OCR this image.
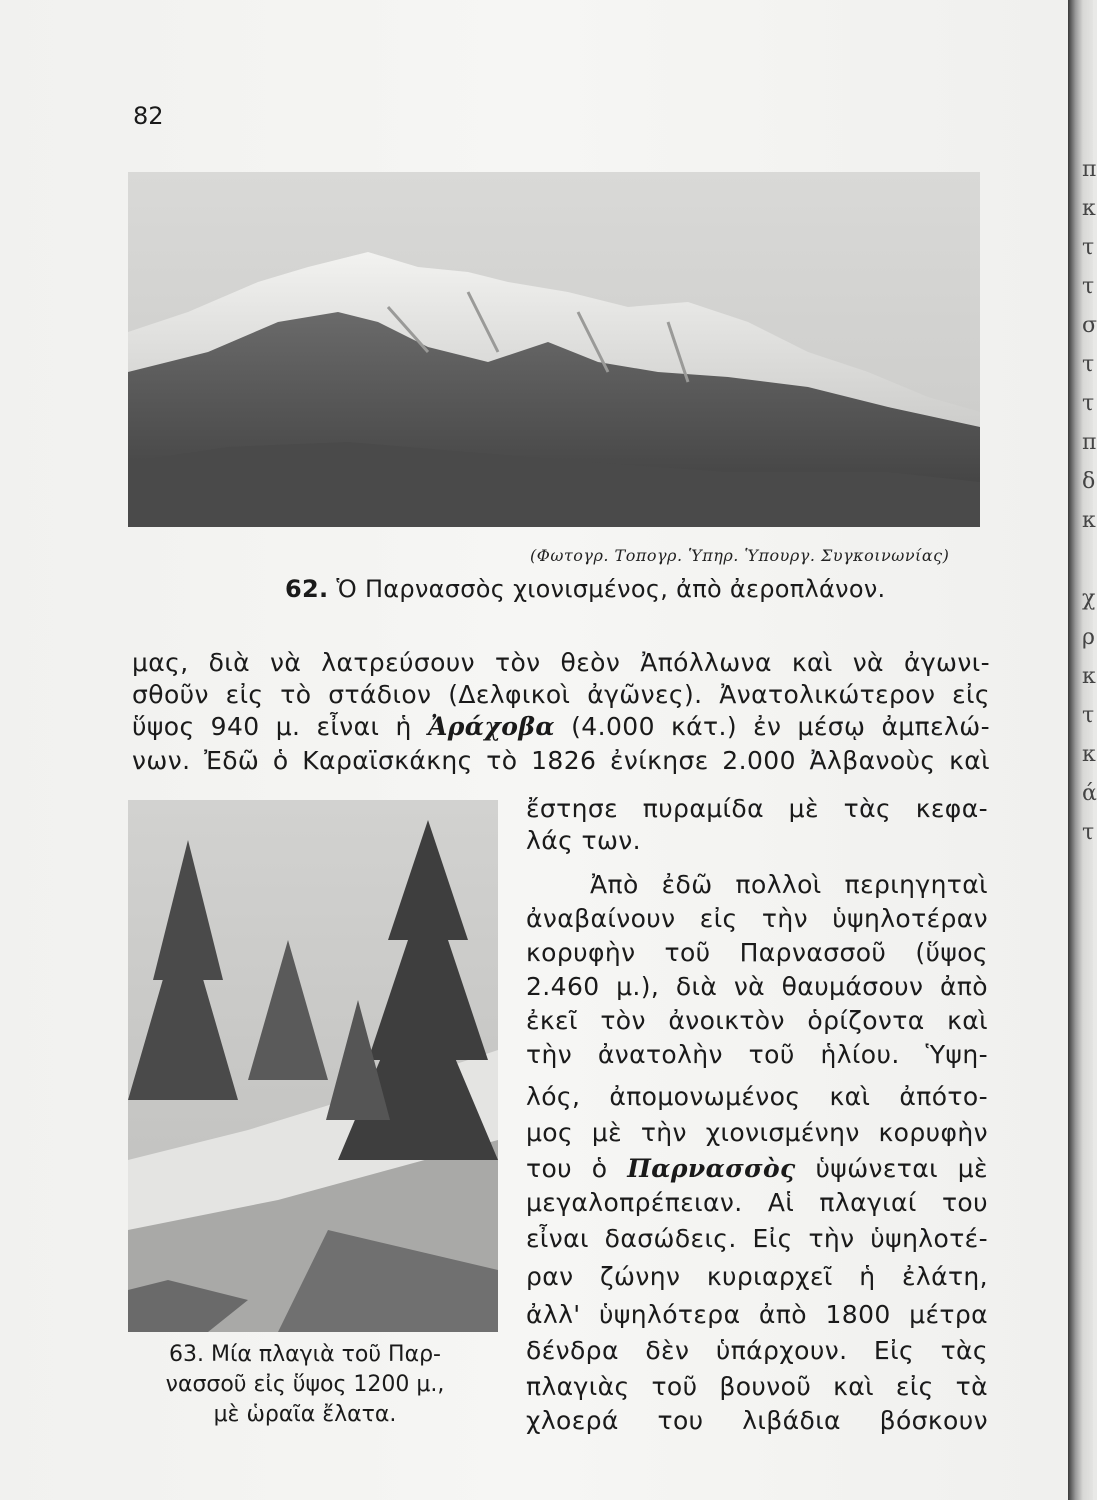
82
(Φωτογρ. Τοπογρ. Ὑπηρ. Ὑπουργ. Συγκοινωνίας)
62. Ὁ Παρνασσὸς χιονισμένος, ἀπὸ ἀεροπλάνον.
μας, διὰ νὰ λατρεύσουν τὸν θεὸν Ἀπόλλωνα καὶ νὰ ἀγωνι-
σθοῦν εἰς τὸ στάδιον (Δελφικοὶ ἀγῶνες). Ἀνατολικώτερον εἰς
ὕψος 940 μ. εἶναι ἡ Ἀράχοβα (4.000 κάτ.) ἐν μέσῳ ἀμπελώ-
νων. Ἐδῶ ὁ Καραϊσκάκης τὸ 1826 ἐνίκησε 2.000 Ἀλβανοὺς καὶ
ἔστησε πυραμίδα μὲ τὰς κεφα-
λάς των.
Ἀπὸ ἐδῶ πολλοὶ περιηγηταὶ
ἀναβαίνουν εἰς τὴν ὑψηλοτέραν
κορυφὴν τοῦ Παρνασσοῦ (ὕψος
2.460 μ.), διὰ νὰ θαυμάσουν ἀπὸ
ἐκεῖ τὸν ἀνοικτὸν ὁρίζοντα καὶ
τὴν ἀνατολὴν τοῦ ἡλίου. Ὑψη-
λός, ἀπομονωμένος καὶ ἀπότο-
μος μὲ τὴν χιονισμένην κορυφὴν
του ὁ Παρνασσὸς ὑψώνεται μὲ
μεγαλοπρέπειαν. Αἱ πλαγιαί του
εἶναι δασώδεις. Εἰς τὴν ὑψηλοτέ-
ραν ζώνην κυριαρχεῖ ἡ ἐλάτη,
ἀλλ' ὑψηλότερα ἀπὸ 1800 μέτρα
δένδρα δὲν ὑπάρχουν. Εἰς τὰς
πλαγιὰς τοῦ βουνοῦ καὶ εἰς τὰ
χλοερά του λιβάδια βόσκουν
63. Μία πλαγιὰ τοῦ Παρ-
νασσοῦ εἰς ὕψος 1200 μ.,
μὲ ὡραῖα ἔλατα.
π
κ
τ
τ
σ
τ
τ
π
δ
κ

χ
ρ
κ
τ
κ
ά
τ
